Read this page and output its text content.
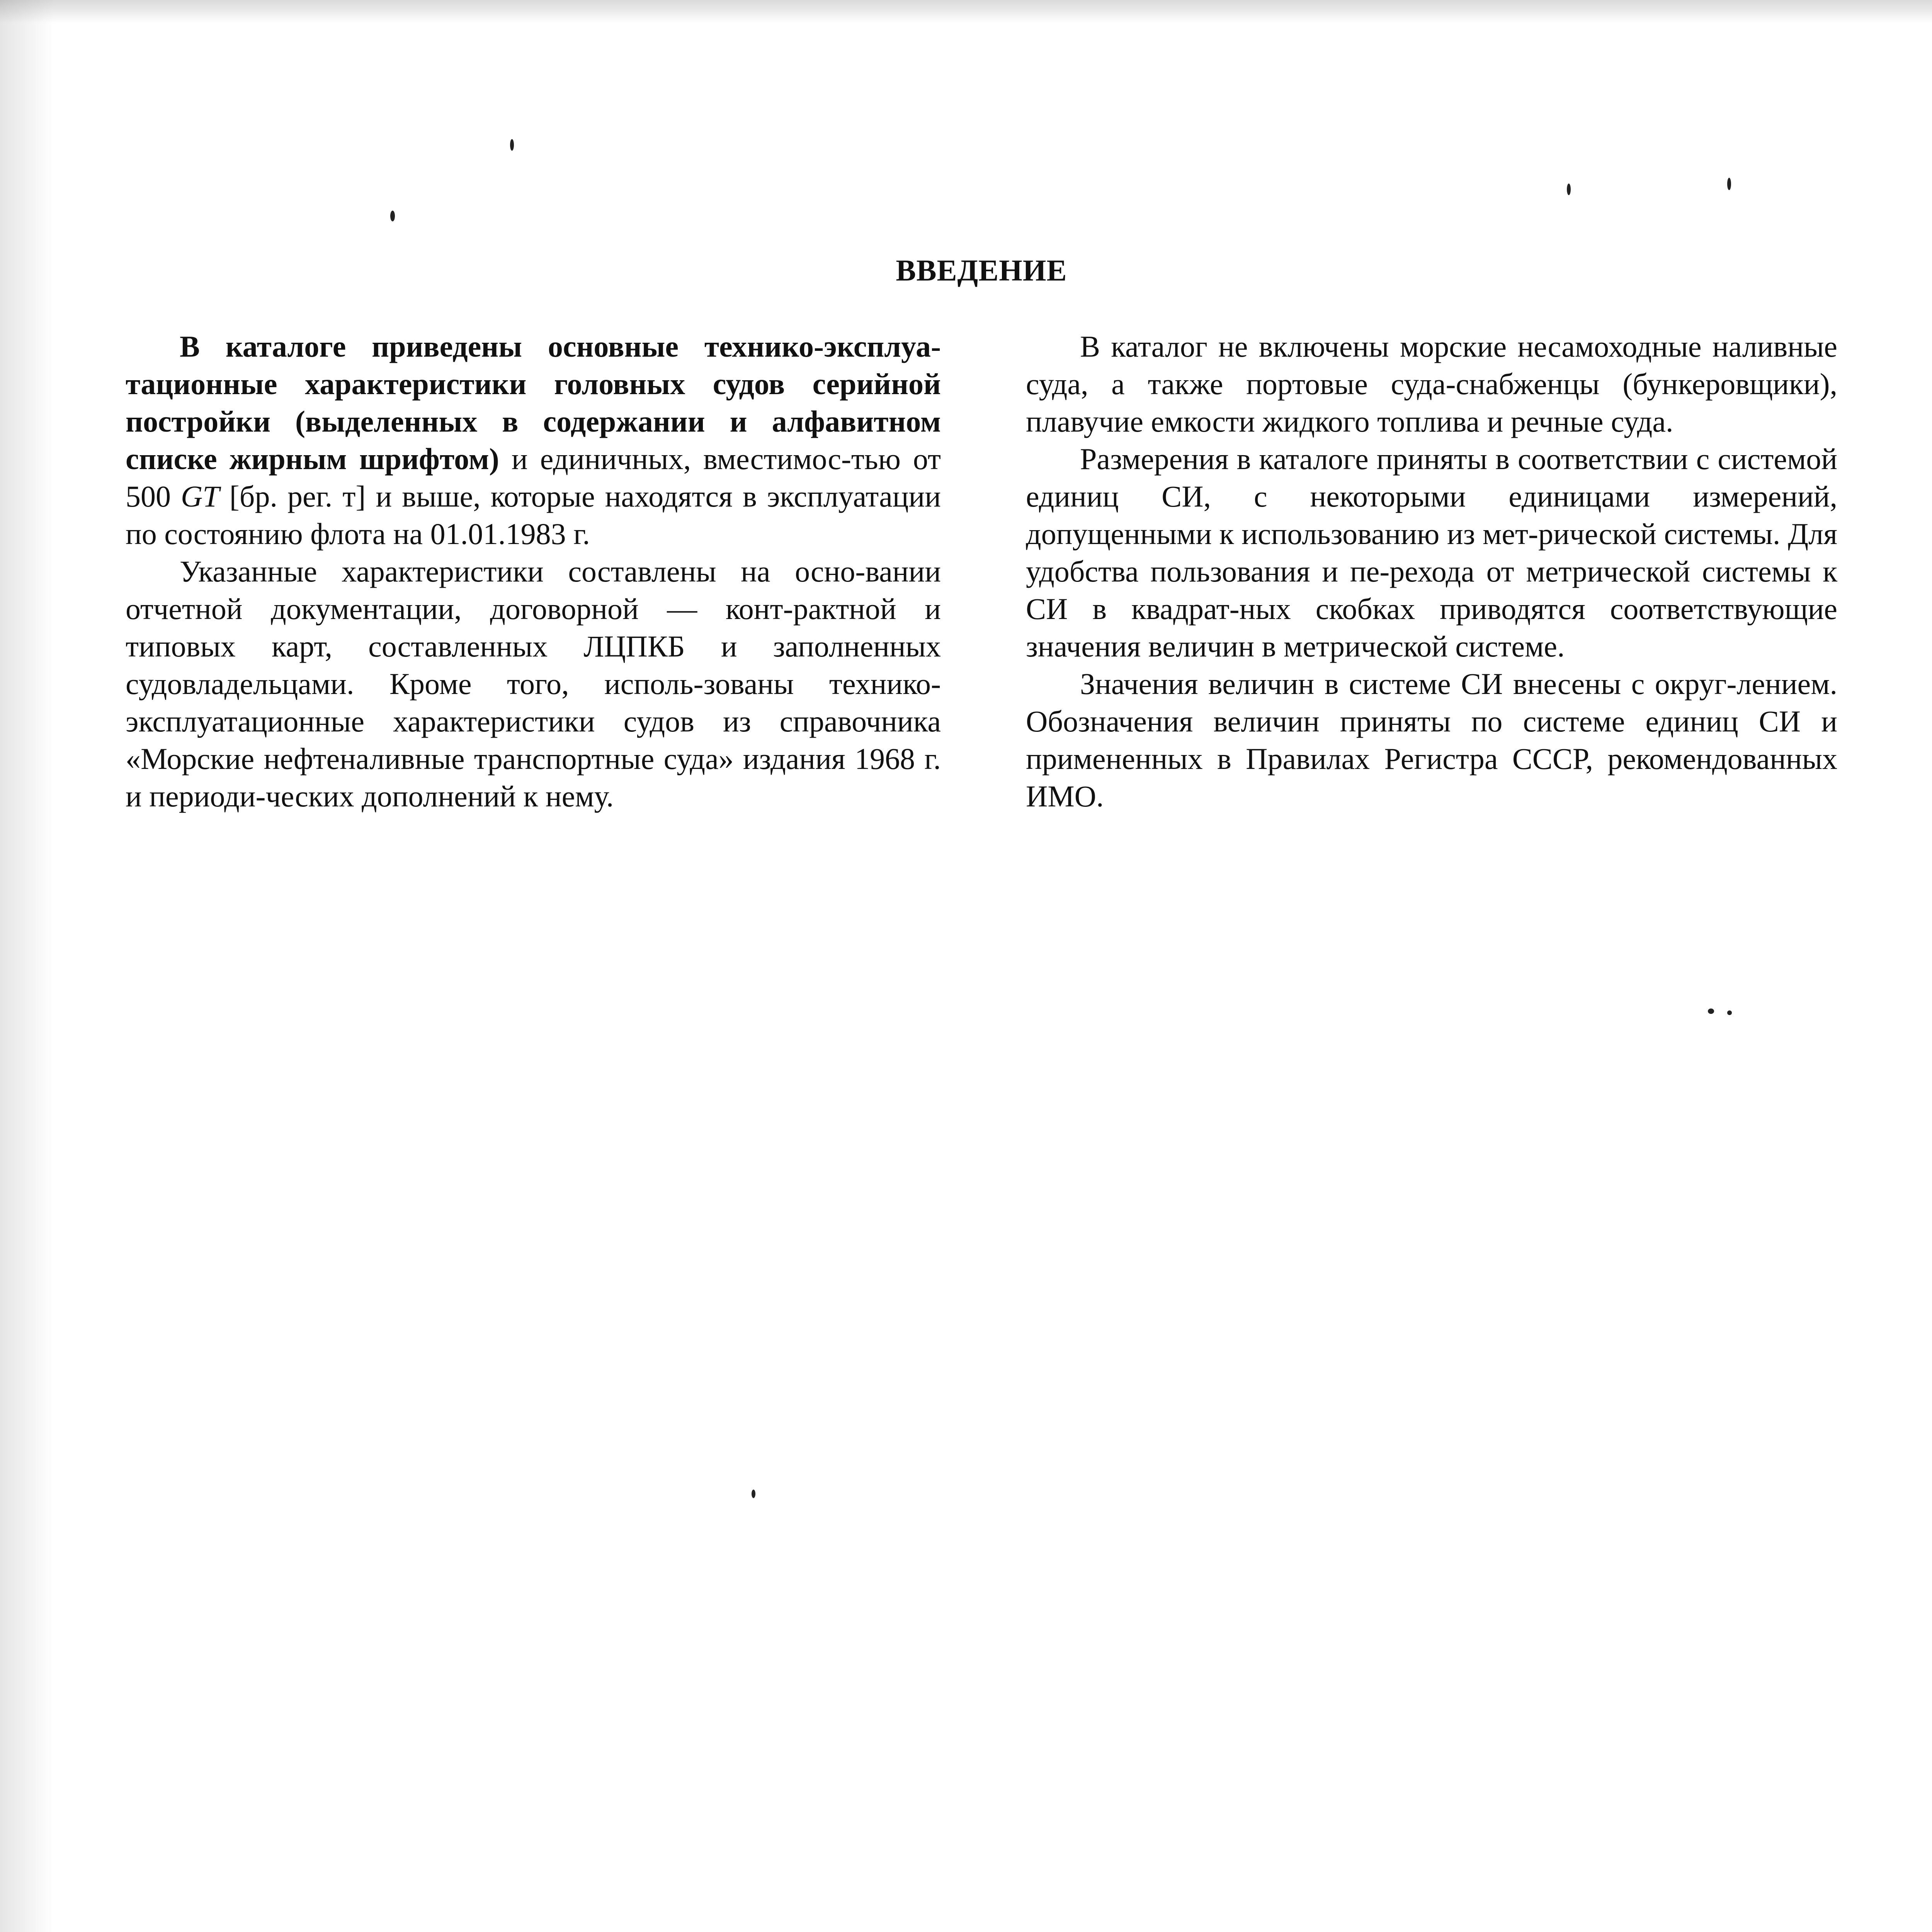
ВВЕДЕНИЕ

В каталоге приведены основные технико-эксплуа-тационные характеристики головных судов серийной постройки (выделенных в содержании и алфавитном списке жирным шрифтом) и единичных, вместимос-тью от 500 GT [бр. рег. т] и выше, которые находятся в эксплуатации по состоянию флота на 01.01.1983 г.

Указанные характеристики составлены на осно-вании отчетной документации, договорной — конт-рактной и типовых карт, составленных ЛЦПКБ и заполненных судовладельцами. Кроме того, исполь-зованы технико-эксплуатационные характеристики судов из справочника «Морские нефтеналивные транспортные суда» издания 1968 г. и периоди-ческих дополнений к нему.

В каталог не включены морские несамоходные наливные суда, а также портовые суда-снабженцы (бункеровщики), плавучие емкости жидкого топлива и речные суда.

Размерения в каталоге приняты в соответствии с системой единиц СИ, с некоторыми единицами измерений, допущенными к использованию из мет-рической системы. Для удобства пользования и пе-рехода от метрической системы к СИ в квадрат-ных скобках приводятся соответствующие значения величин в метрической системе.

Значения величин в системе СИ внесены с округ-лением. Обозначения величин приняты по системе единиц СИ и примененных в Правилах Регистра СССР, рекомендованных ИМО.
